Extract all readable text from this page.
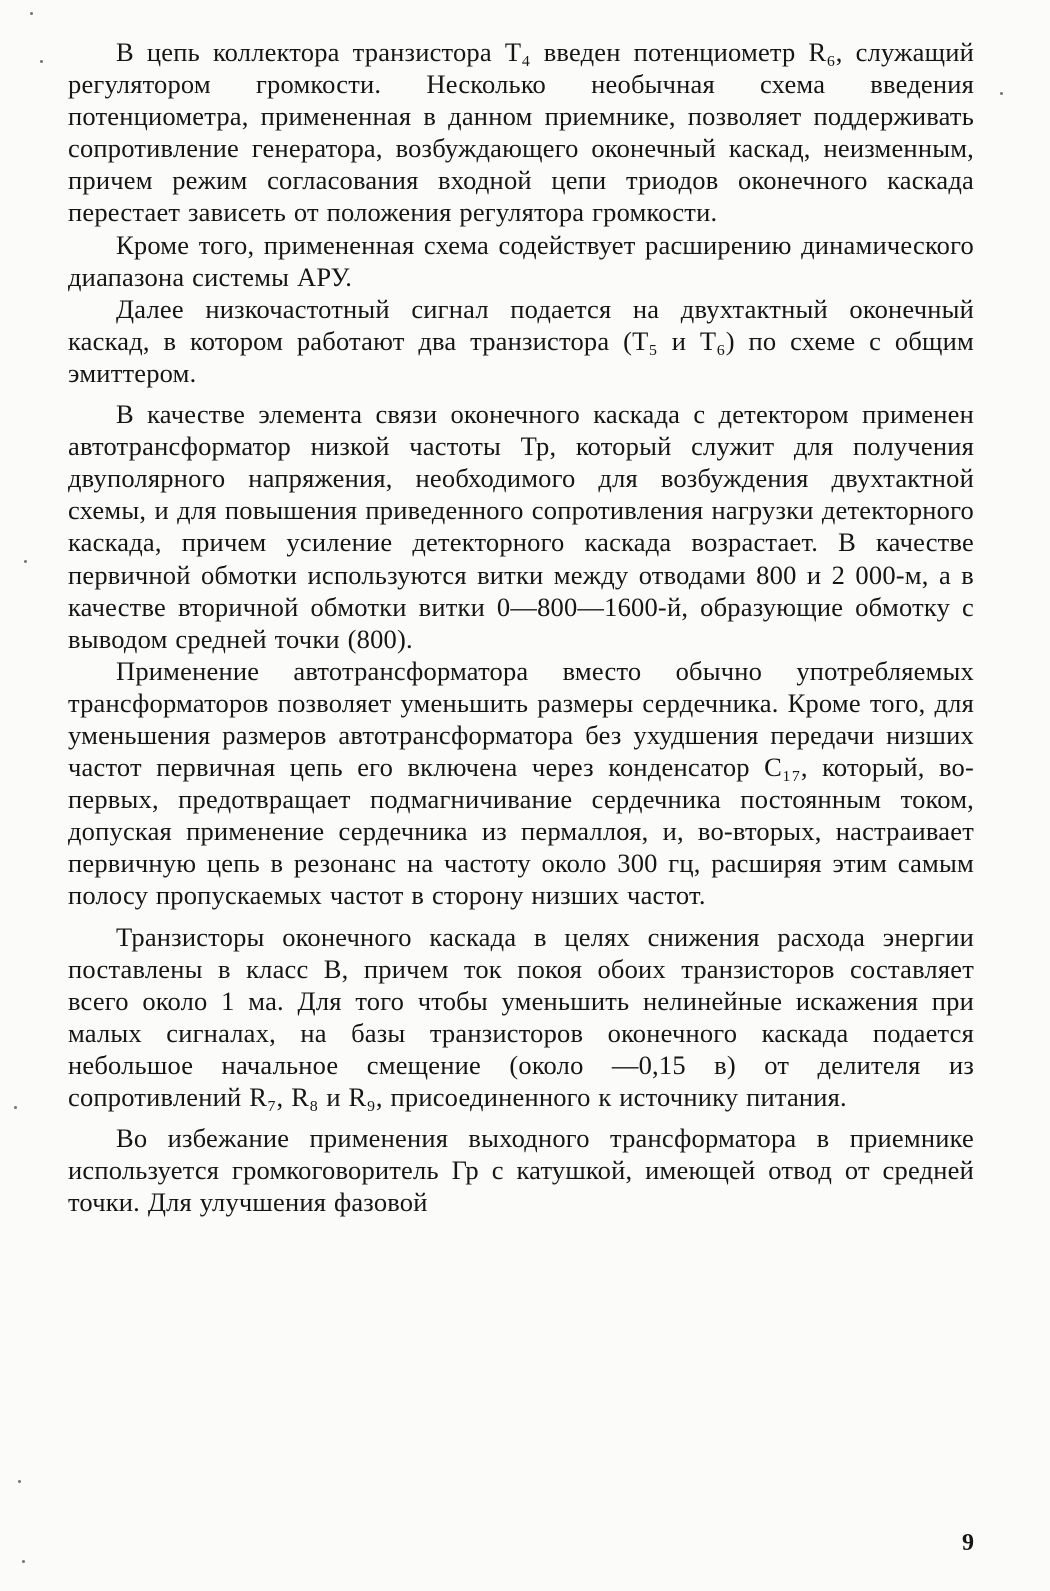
В цепь коллектора транзистора T₄ введен потенциометр R₆, служащий регулятором громкости. Несколько необычная схема введения потенциометра, примененная в данном приемнике, позволяет поддерживать сопротивление генератора, возбуждающего оконечный каскад, неизменным, причем режим согласования входной цепи триодов оконечного каскада перестает зависеть от положения регулятора громкости.

Кроме того, примененная схема содействует расширению динамического диапазона системы АРУ.

Далее низкочастотный сигнал подается на двухтактный оконечный каскад, в котором работают два транзистора (T₅ и T₆) по схеме с общим эмиттером.

В качестве элемента связи оконечного каскада с детектором применен автотрансформатор низкой частоты Тр, который служит для получения двуполярного напряжения, необходимого для возбуждения двухтактной схемы, и для повышения приведенного сопротивления нагрузки детекторного каскада, причем усиление детекторного каскада возрастает. В качестве первичной обмотки используются витки между отводами 800 и 2 000-м, а в качестве вторичной обмотки витки 0—800—1600-й, образующие обмотку с выводом средней точки (800).

Применение автотрансформатора вместо обычно употребляемых трансформаторов позволяет уменьшить размеры сердечника. Кроме того, для уменьшения размеров автотрансформатора без ухудшения передачи низших частот первичная цепь его включена через конденсатор C₁₇, который, во-первых, предотвращает подмагничивание сердечника постоянным током, допуская применение сердечника из пермаллоя, и, во-вторых, настраивает первичную цепь в резонанс на частоту около 300 гц, расширяя этим самым полосу пропускаемых частот в сторону низших частот.

Транзисторы оконечного каскада в целях снижения расхода энергии поставлены в класс В, причем ток покоя обоих транзисторов составляет всего около 1 ма. Для того чтобы уменьшить нелинейные искажения при малых сигналах, на базы транзисторов оконечного каскада подается небольшое начальное смещение (около —0,15 в) от делителя из сопротивлений R₇, R₈ и R₉, присоединенного к источнику питания.

Во избежание применения выходного трансформатора в приемнике используется громкоговоритель Гр с катушкой, имеющей отвод от средней точки. Для улучшения фазовой

9
